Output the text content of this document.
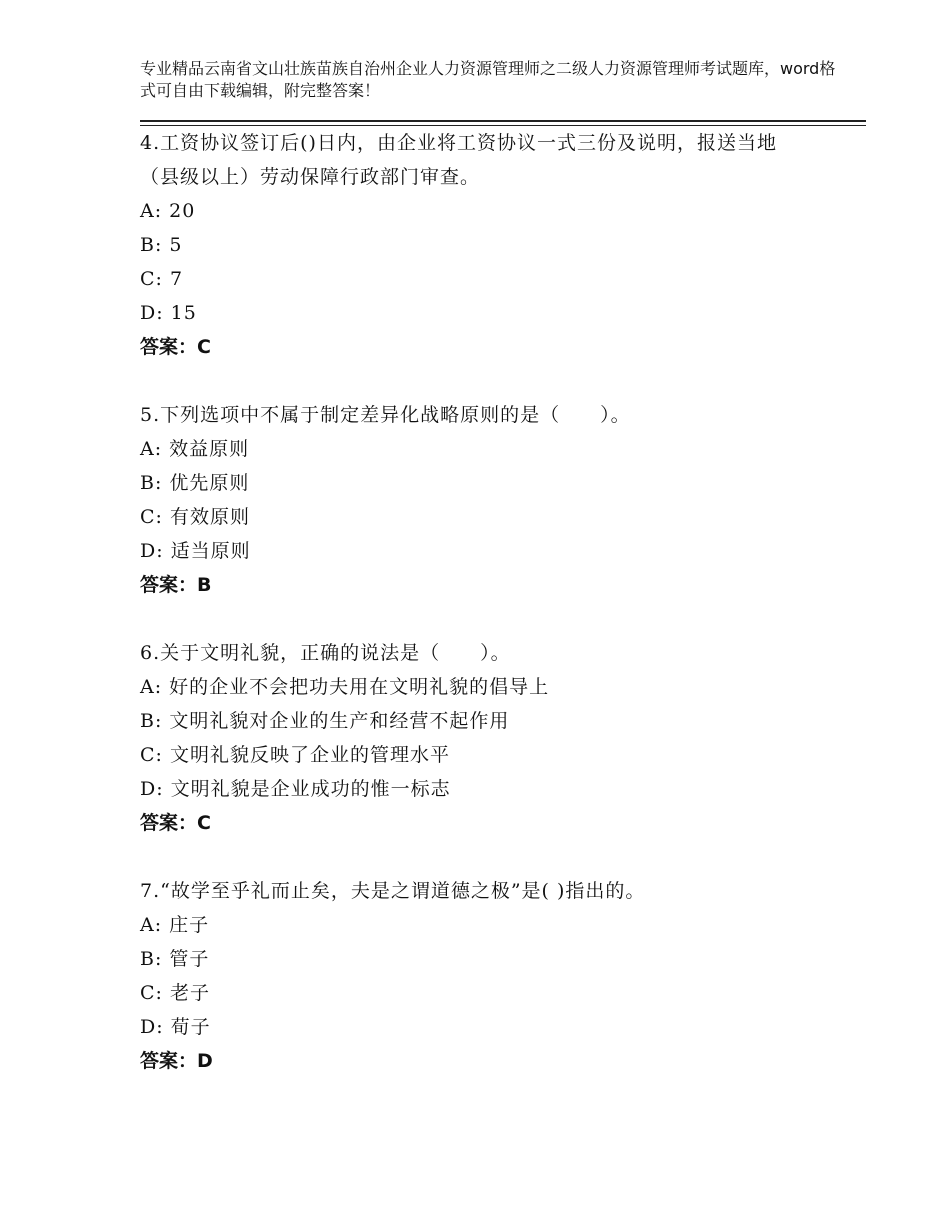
专业精品云南省文山壮族苗族自治州企业人力资源管理师之二级人力资源管理师考试题库，word格式可自由下载编辑，附完整答案！
4.工资协议签订后()日内，由企业将工资协议一式三份及说明，报送当地（县级以上）劳动保障行政部门审查。
A: 20
B: 5
C: 7
D: 15
答案：C
5.下列选项中不属于制定差异化战略原则的是（　　）。
A: 效益原则
B: 优先原则
C: 有效原则
D: 适当原则
答案：B
6.关于文明礼貌，正确的说法是（　　）。
A: 好的企业不会把功夫用在文明礼貌的倡导上
B: 文明礼貌对企业的生产和经营不起作用
C: 文明礼貌反映了企业的管理水平
D: 文明礼貌是企业成功的惟一标志
答案：C
7.“故学至乎礼而止矣，夫是之谓道德之极”是( )指出的。
A: 庄子
B: 管子
C: 老子
D: 荀子
答案：D
